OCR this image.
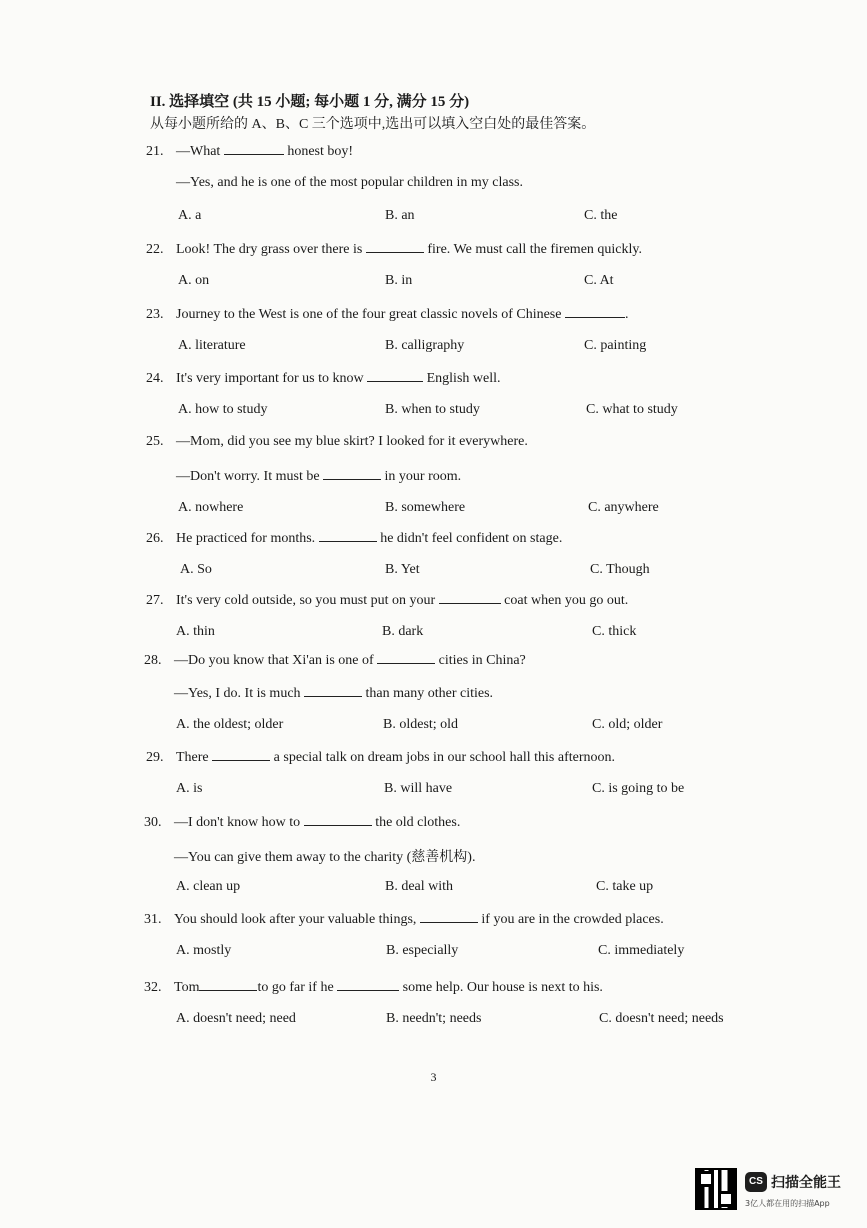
II. 选择填空 (共 15 小题; 每小题 1 分, 满分 15 分)
从每小题所给的 A、B、C 三个选项中,选出可以填入空白处的最佳答案。
21. —What	honest boy!
—Yes, and he is one of the most popular children in my class.
A. a	B. an	C. the
22. Look! The dry grass over there is	fire. We must call the firemen quickly.
A. on	B. in	C. At
23. Journey to the West is one of the four great classic novels of Chinese	.
A. literature	B. calligraphy	C. painting
24. It's very important for us to know	English well.
A. how to study	B. when to study	C. what to study
25. —Mom, did you see my blue skirt? I looked for it everywhere.
—Don't worry. It must be	in your room.
A. nowhere	B. somewhere	C. anywhere
26. He practiced for months.	he didn't feel confident on stage.
A. So	B. Yet	C. Though
27. It's very cold outside, so you must put on your	coat when you go out.
A. thin	B. dark	C. thick
28. —Do you know that Xi'an is one of	cities in China?
—Yes, I do. It is much	than many other cities.
A. the oldest; older	B. oldest; old	C. old; older
29. There	a special talk on dream jobs in our school hall this afternoon.
A. is	B. will have	C. is going to be
30. —I don't know how to	the old clothes.
—You can give them away to the charity (慈善机构).
A. clean up	B. deal with	C. take up
31. You should look after your valuable things,	if you are in the crowded places.
A. mostly	B. especially	C. immediately
32. Tom	to go far if he	some help. Our house is next to his.
A. doesn't need; need	B. needn't; needs	C. doesn't need; needs
3
CS 扫描全能王
3亿人都在用的扫描App
